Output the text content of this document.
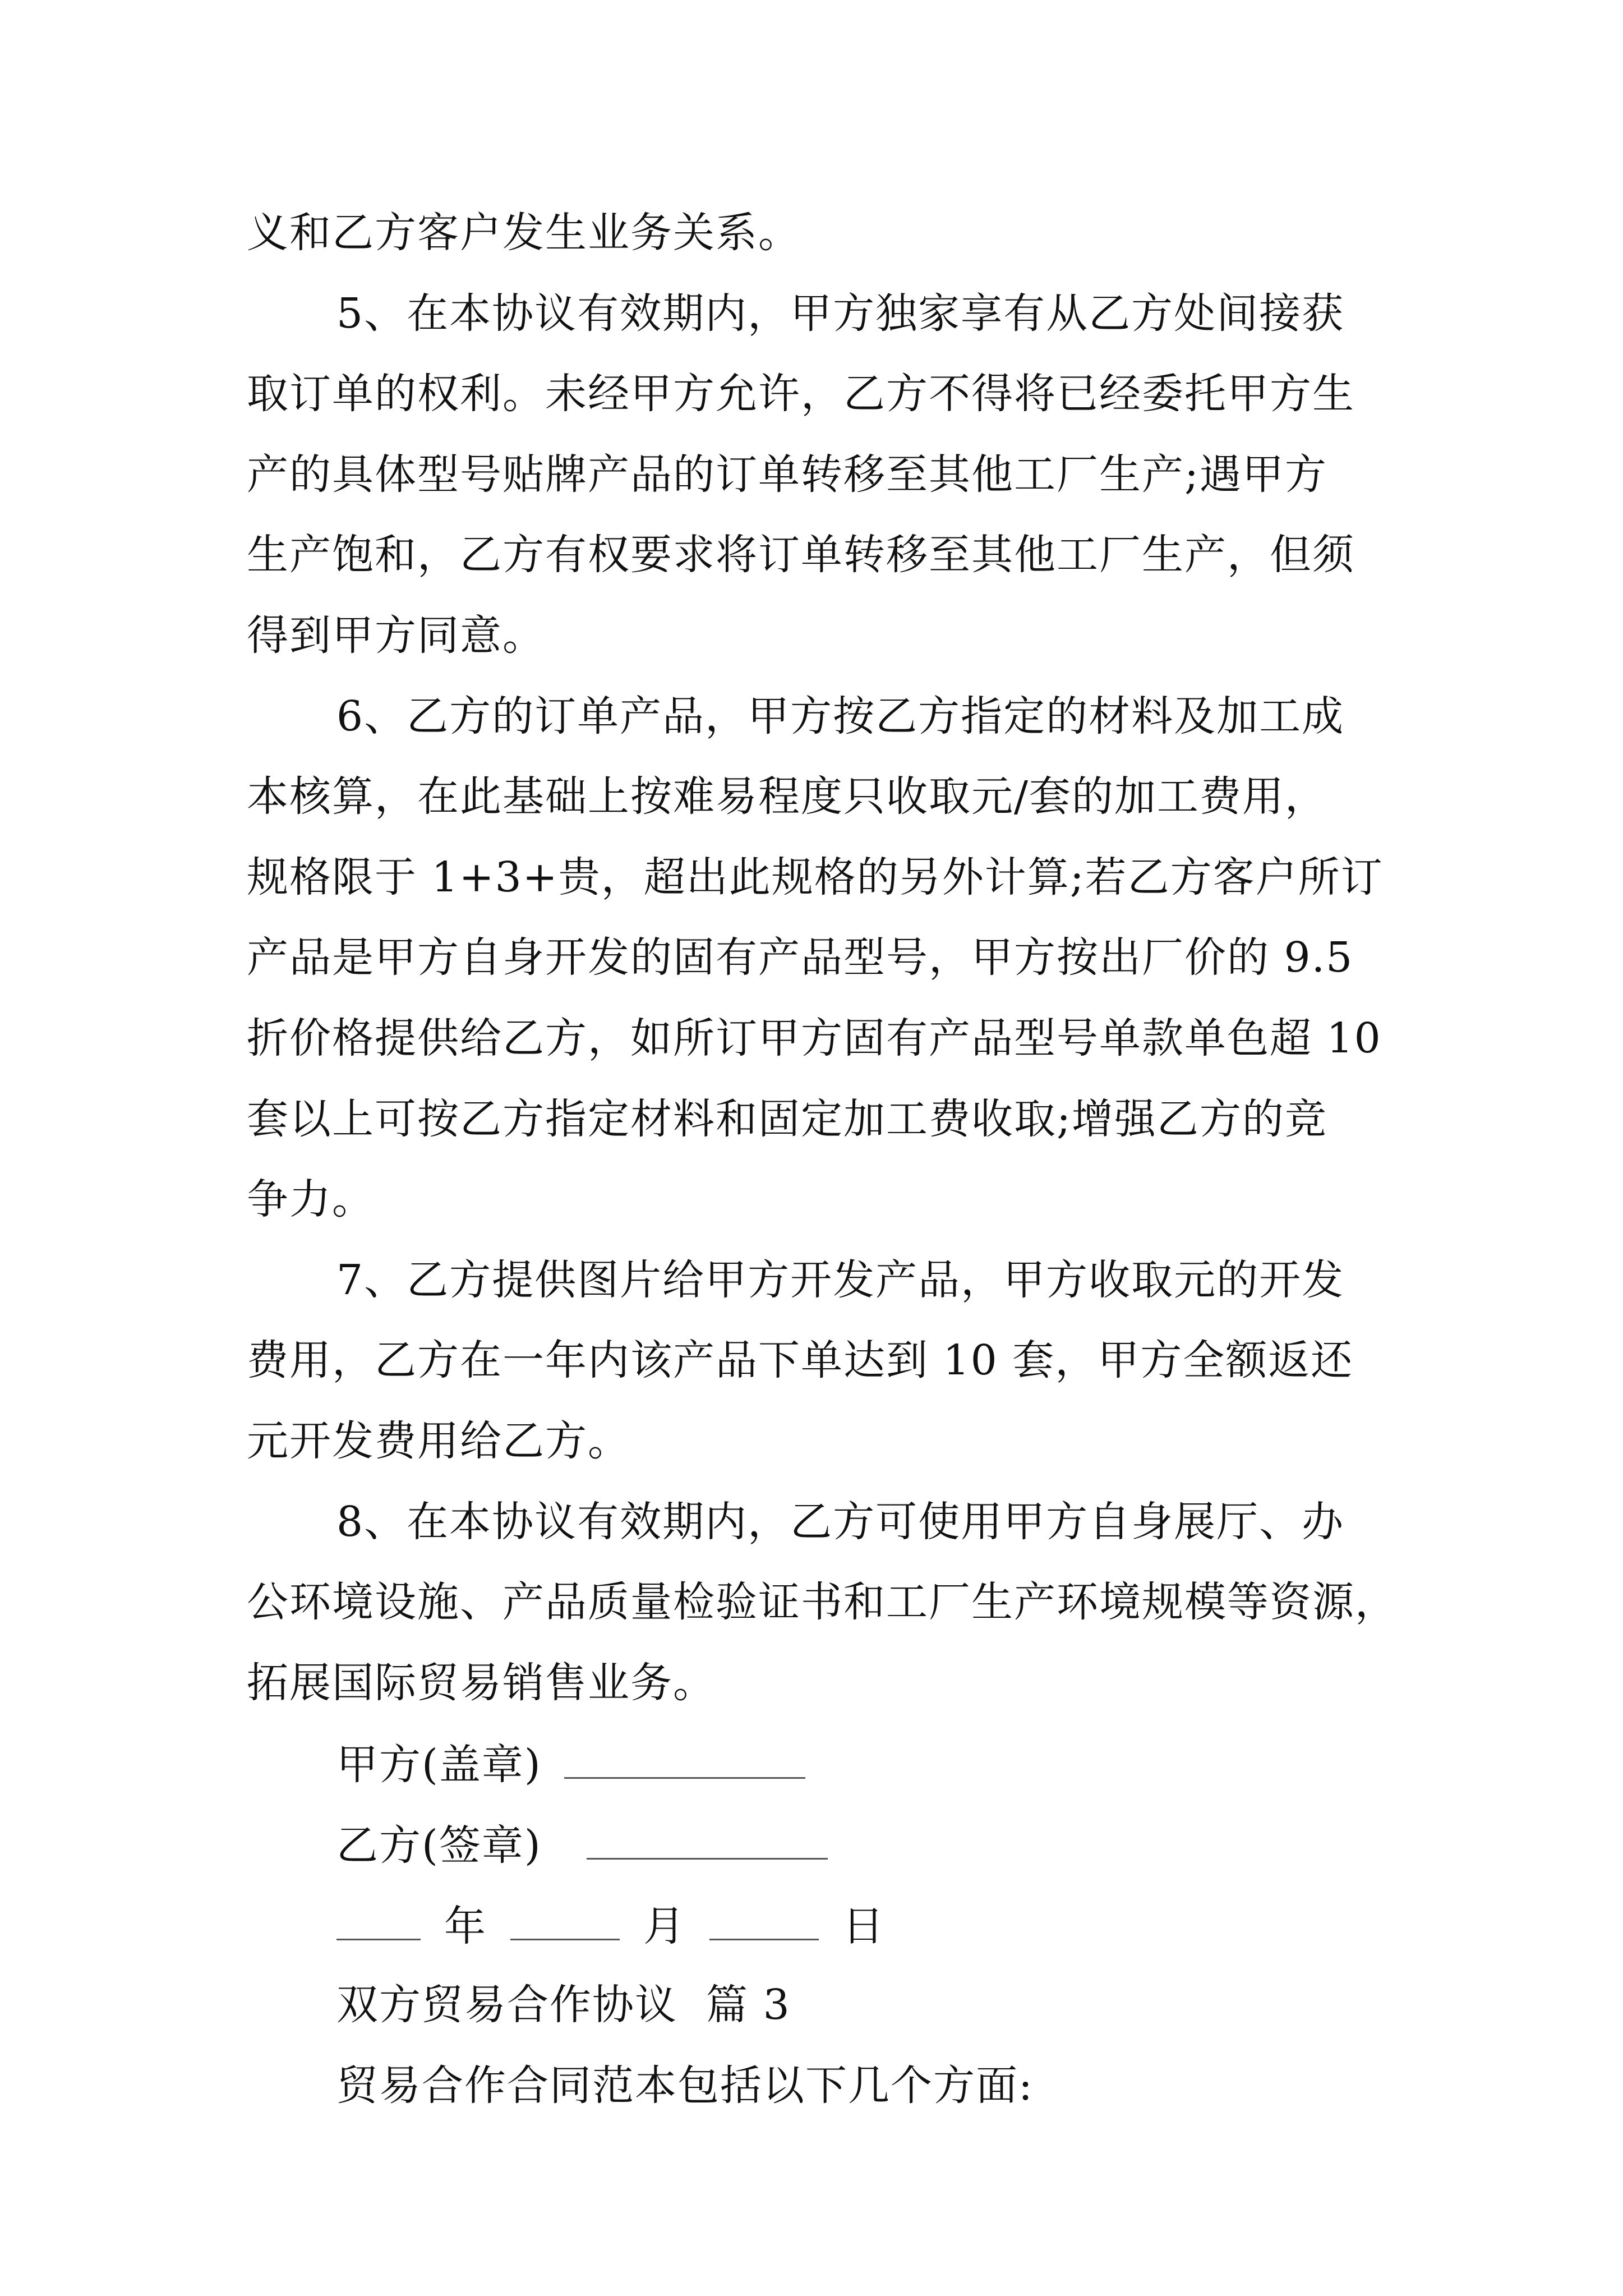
义和乙方客户发生业务关系。
5、在本协议有效期内，甲方独家享有从乙方处间接获
取订单的权利。未经甲方允许，乙方不得将已经委托甲方生
产的具体型号贴牌产品的订单转移至其他工厂生产;遇甲方
生产饱和，乙方有权要求将订单转移至其他工厂生产，但须
得到甲方同意。
6、乙方的订单产品，甲方按乙方指定的材料及加工成
本核算，在此基础上按难易程度只收取元/套的加工费用，
规格限于 1+3+贵，超出此规格的另外计算;若乙方客户所订
产品是甲方自身开发的固有产品型号，甲方按出厂价的 9.5
折价格提供给乙方，如所订甲方固有产品型号单款单色超 10
套以上可按乙方指定材料和固定加工费收取;增强乙方的竞
争力。
7、乙方提供图片给甲方开发产品，甲方收取元的开发
费用，乙方在一年内该产品下单达到 10 套，甲方全额返还
元开发费用给乙方。
8、在本协议有效期内，乙方可使用甲方自身展厅、办
公环境设施、产品质量检验证书和工厂生产环境规模等资源，
拓展国际贸易销售业务。
甲方(盖章)
乙方(签章)
年	月	日
双方贸易合作协议  篇 3
贸易合作合同范本包括以下几个方面:
